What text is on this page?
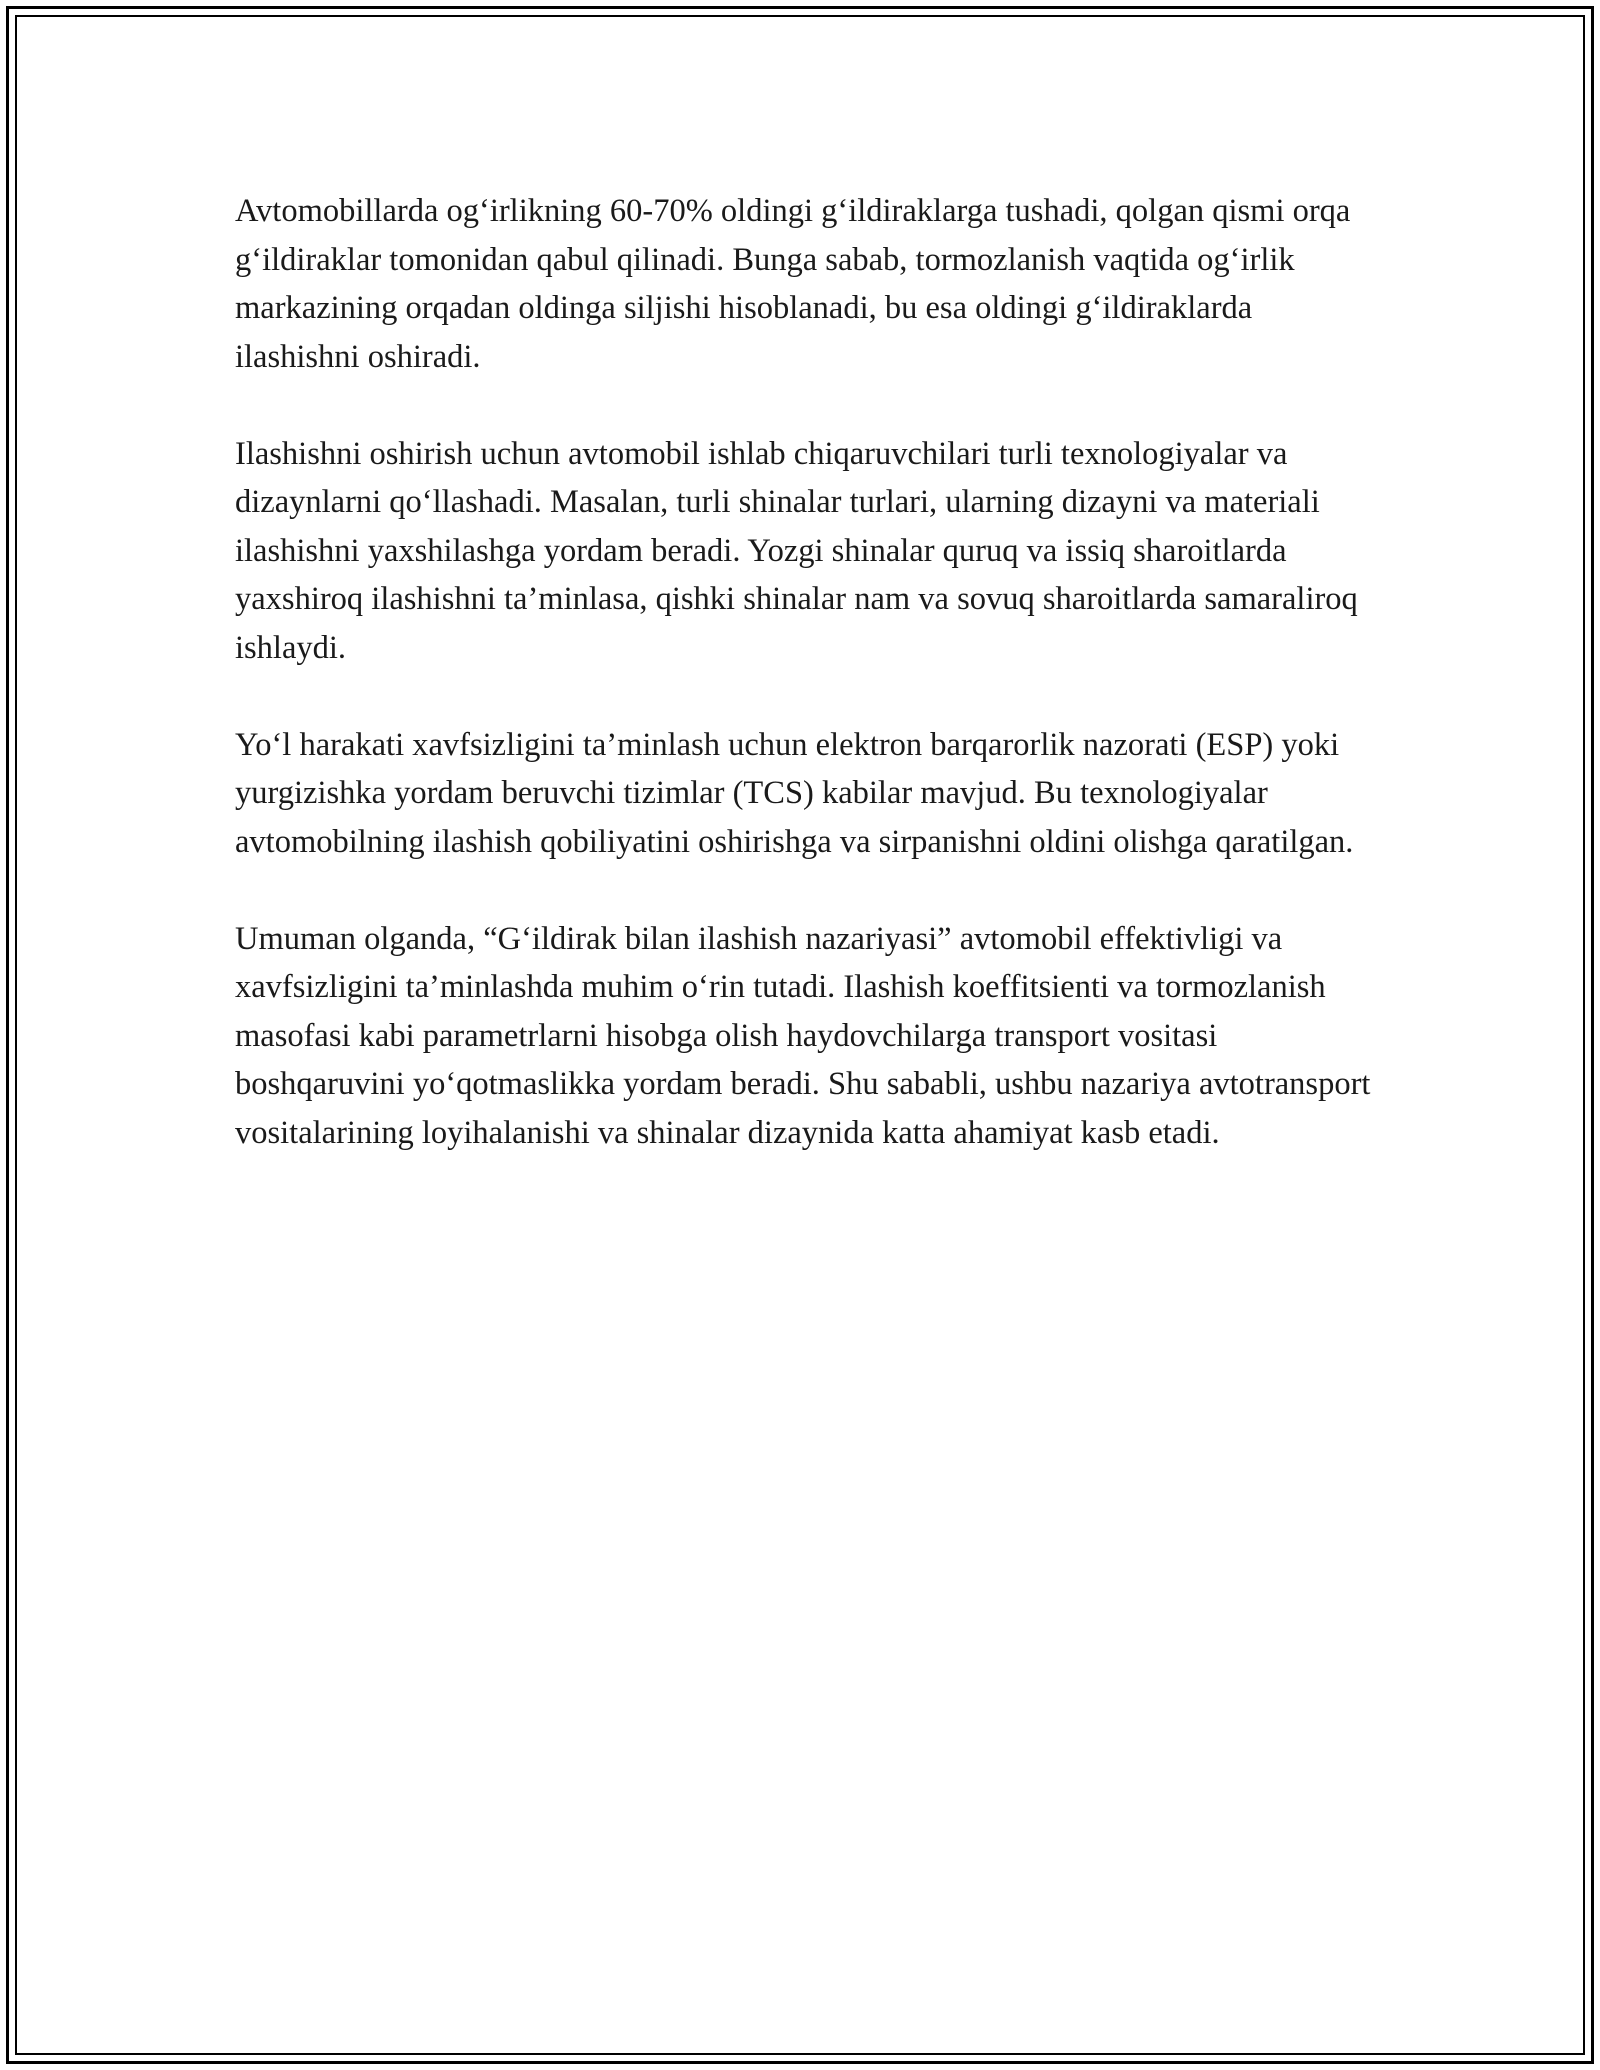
Avtomobillarda og‘irlikning 60-70% oldingi g‘ildiraklarga tushadi, qolgan qismi orqa g‘ildiraklar tomonidan qabul qilinadi. Bunga sabab, tormozlanish vaqtida og‘irlik markazining orqadan oldinga siljishi hisoblanadi, bu esa oldingi g‘ildiraklarda ilashishni oshiradi.

Ilashishni oshirish uchun avtomobil ishlab chiqaruvchilari turli texnologiyalar va dizaynlarni qo‘llashadi. Masalan, turli shinalar turlari, ularning dizayni va materiali ilashishni yaxshilashga yordam beradi. Yozgi shinalar quruq va issiq sharoitlarda yaxshiroq ilashishni ta’minlasa, qishki shinalar nam va sovuq sharoitlarda samaraliroq ishlaydi.

Yo‘l harakati xavfsizligini ta’minlash uchun elektron barqarorlik nazorati (ESP) yoki yurgizishka yordam beruvchi tizimlar (TCS) kabilar mavjud. Bu texnologiyalar avtomobilning ilashish qobiliyatini oshirishga va sirpanishni oldini olishga qaratilgan.

Umuman olganda, “G‘ildirak bilan ilashish nazariyasi” avtomobil effektivligi va xavfsizligini ta’minlashda muhim o‘rin tutadi. Ilashish koeffitsienti va tormozlanish masofasi kabi parametrlarni hisobga olish haydovchilarga transport vositasi boshqaruvini yo‘qotmaslikka yordam beradi. Shu sababli, ushbu nazariya avtotransport vositalarining loyihalanishi va shinalar dizaynida katta ahamiyat kasb etadi.
